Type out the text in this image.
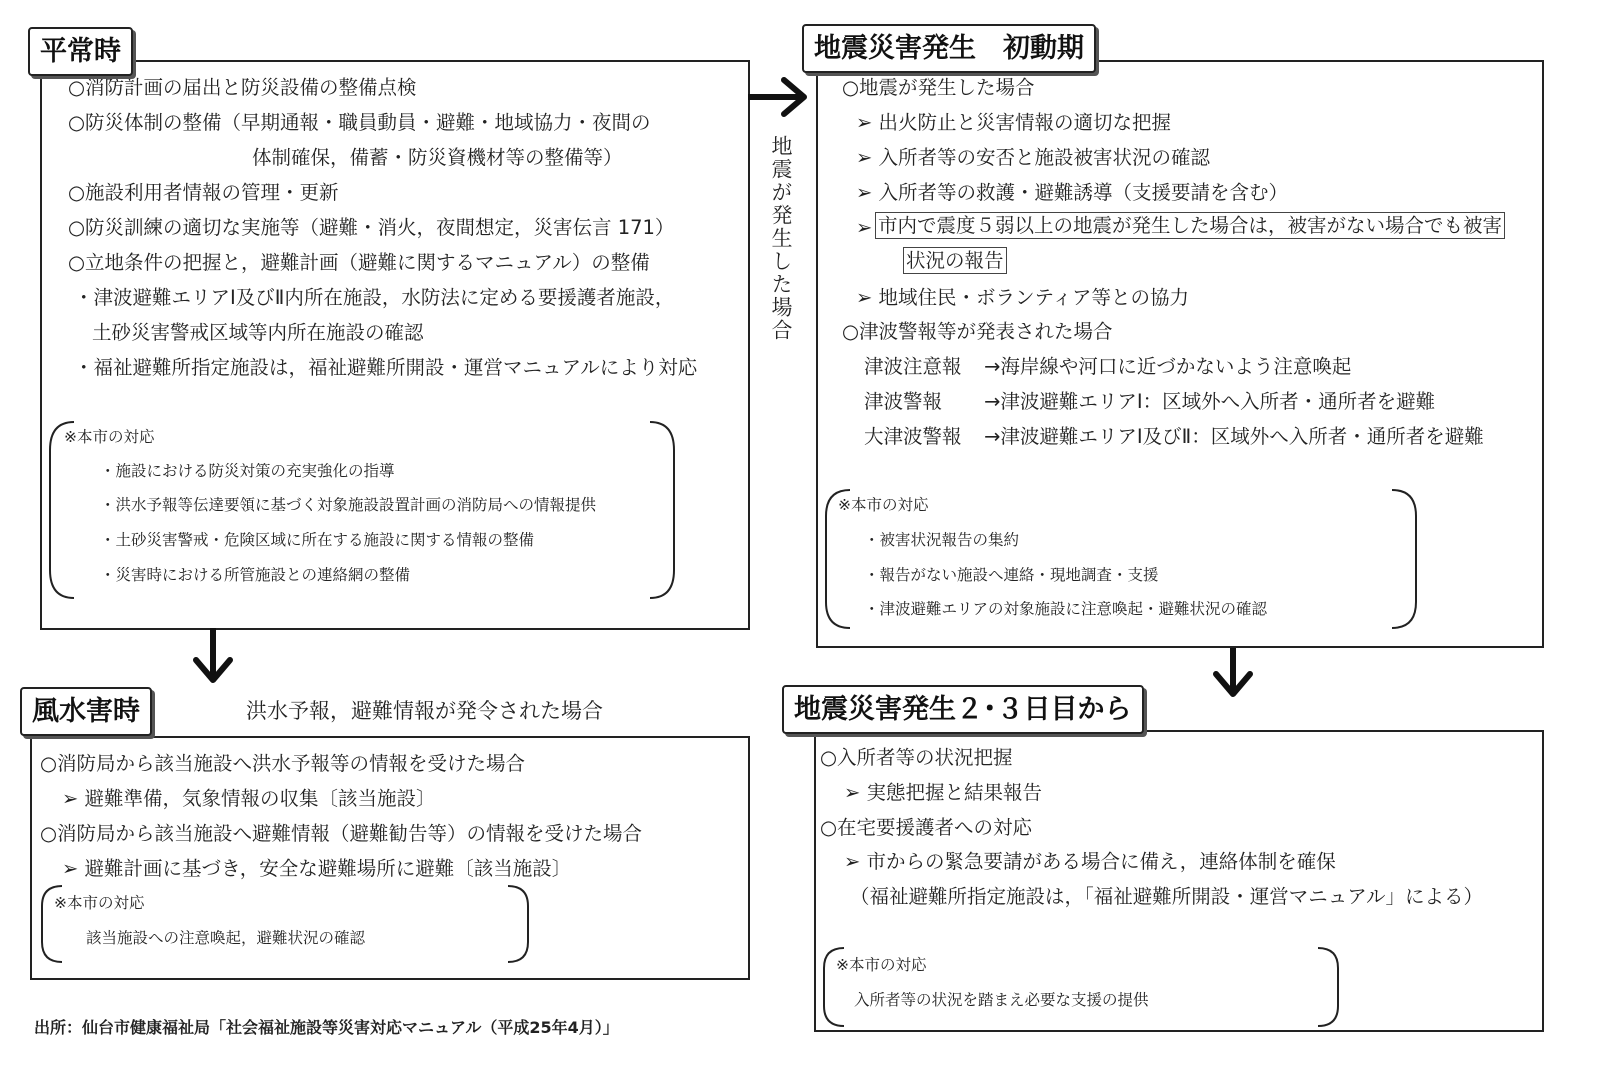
平常時
○消防計画の届出と防災設備の整備点検
○防災体制の整備（早期通報・職員動員・避難・地域協力・夜間の
体制確保，備蓄・防災資機材等の整備等）
○施設利用者情報の管理・更新
○防災訓練の適切な実施等（避難・消火，夜間想定，災害伝言 171）
○立地条件の把握と，避難計画（避難に関するマニュアル）の整備
・津波避難エリアⅠ及びⅡ内所在施設，水防法に定める要援護者施設，
土砂災害警戒区域等内所在施設の確認
・福祉避難所指定施設は，福祉避難所開設・運営マニュアルにより対応
※本市の対応
・施設における防災対策の充実強化の指導
・洪水予報等伝達要領に基づく対象施設設置計画の消防局への情報提供
・土砂災害警戒・危険区域に所在する施設に関する情報の整備
・災害時における所管施設との連絡網の整備
地震が発生した場合
地震災害発生　初動期
○地震が発生した場合
➢ 出火防止と災害情報の適切な把握
➢ 入所者等の安否と施設被害状況の確認
➢ 入所者等の救護・避難誘導（支援要請を含む）
➢ 市内で震度５弱以上の地震が発生した場合は，被害がない場合でも被害
状況の報告
➢ 地域住民・ボランティア等との協力
○津波警報等が発表された場合
津波注意報 →海岸線や河口に近づかないよう注意喚起
津波警報 →津波避難エリアⅠ：区域外へ入所者・通所者を避難
大津波警報 →津波避難エリアⅠ及びⅡ：区域外へ入所者・通所者を避難
※本市の対応
・被害状況報告の集約
・報告がない施設へ連絡・現地調査・支援
・津波避難エリアの対象施設に注意喚起・避難状況の確認
風水害時	洪水予報，避難情報が発令された場合
○消防局から該当施設へ洪水予報等の情報を受けた場合
➢ 避難準備，気象情報の収集〔該当施設〕
○消防局から該当施設へ避難情報（避難勧告等）の情報を受けた場合
➢ 避難計画に基づき，安全な避難場所に避難〔該当施設〕
※本市の対応
該当施設への注意喚起，避難状況の確認
地震災害発生２･３日目から
○入所者等の状況把握
➢ 実態把握と結果報告
○在宅要援護者への対応
➢ 市からの緊急要請がある場合に備え，連絡体制を確保
（福祉避難所指定施設は，「福祉避難所開設・運営マニュアル」による）
※本市の対応
入所者等の状況を踏まえ必要な支援の提供
出所：仙台市健康福祉局「社会福祉施設等災害対応マニュアル（平成25年4月）」
